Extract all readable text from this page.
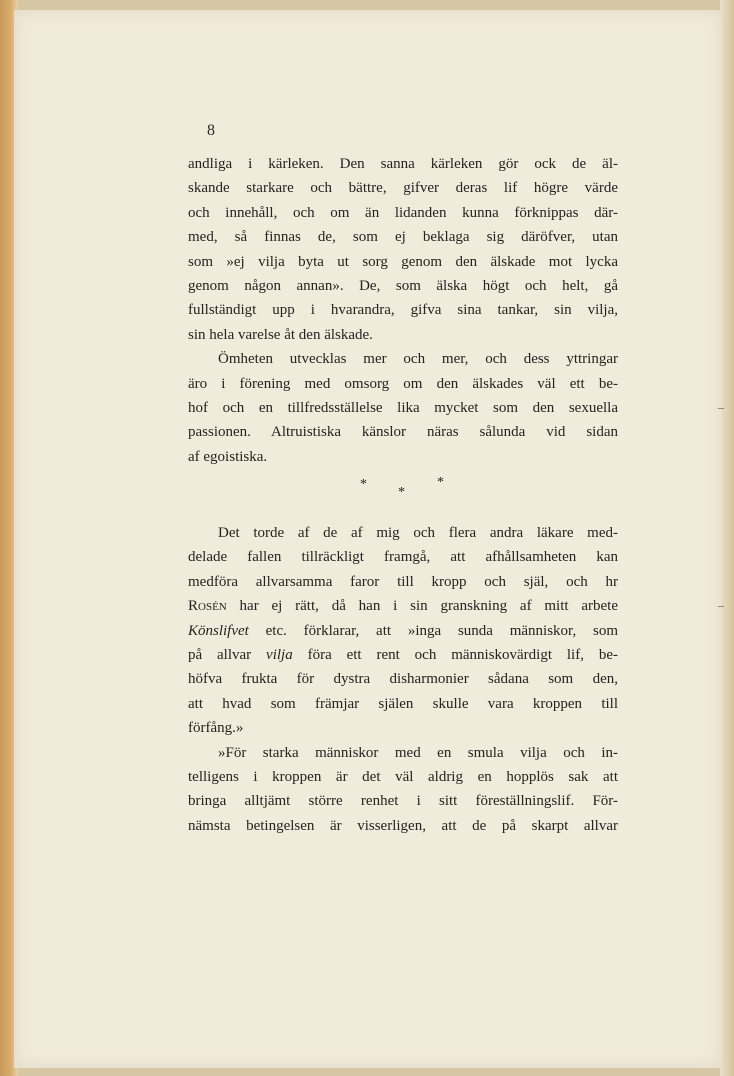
8
andliga i kärleken. Den sanna kärleken gör ock de äl-
skande starkare och bättre, gifver deras lif högre värde
och innehåll, och om än lidanden kunna förknippas där-
med, så finnas de, som ej beklaga sig däröfver, utan
som »ej vilja byta ut sorg genom den älskade mot lycka
genom någon annan». De, som älska högt och helt, gå
fullständigt upp i hvarandra, gifva sina tankar, sin vilja,
sin hela varelse åt den älskade.
Ömheten utvecklas mer och mer, och dess yttringar
äro i förening med omsorg om den älskades väl ett be-
hof och en tillfredsställelse lika mycket som den sexuella
passionen. Altruistiska känslor näras sålunda vid sidan
af egoistiska.
*
*
*
Det torde af de af mig och flera andra läkare med-
delade fallen tillräckligt framgå, att afhållsamheten kan
medföra allvarsamma faror till kropp och själ, och hr
Rosén har ej rätt, då han i sin granskning af mitt arbete
Könslifvet etc. förklarar, att »inga sunda människor, som
på allvar vilja föra ett rent och människovärdigt lif, be-
höfva frukta för dystra disharmonier sådana som den,
att hvad som främjar själen skulle vara kroppen till
förfång.»
»För starka människor med en smula vilja och in-
telligens i kroppen är det väl aldrig en hopplös sak att
bringa alltjämt större renhet i sitt föreställningslif. För-
nämsta betingelsen är visserligen, att de på skarpt allvar
–
–
